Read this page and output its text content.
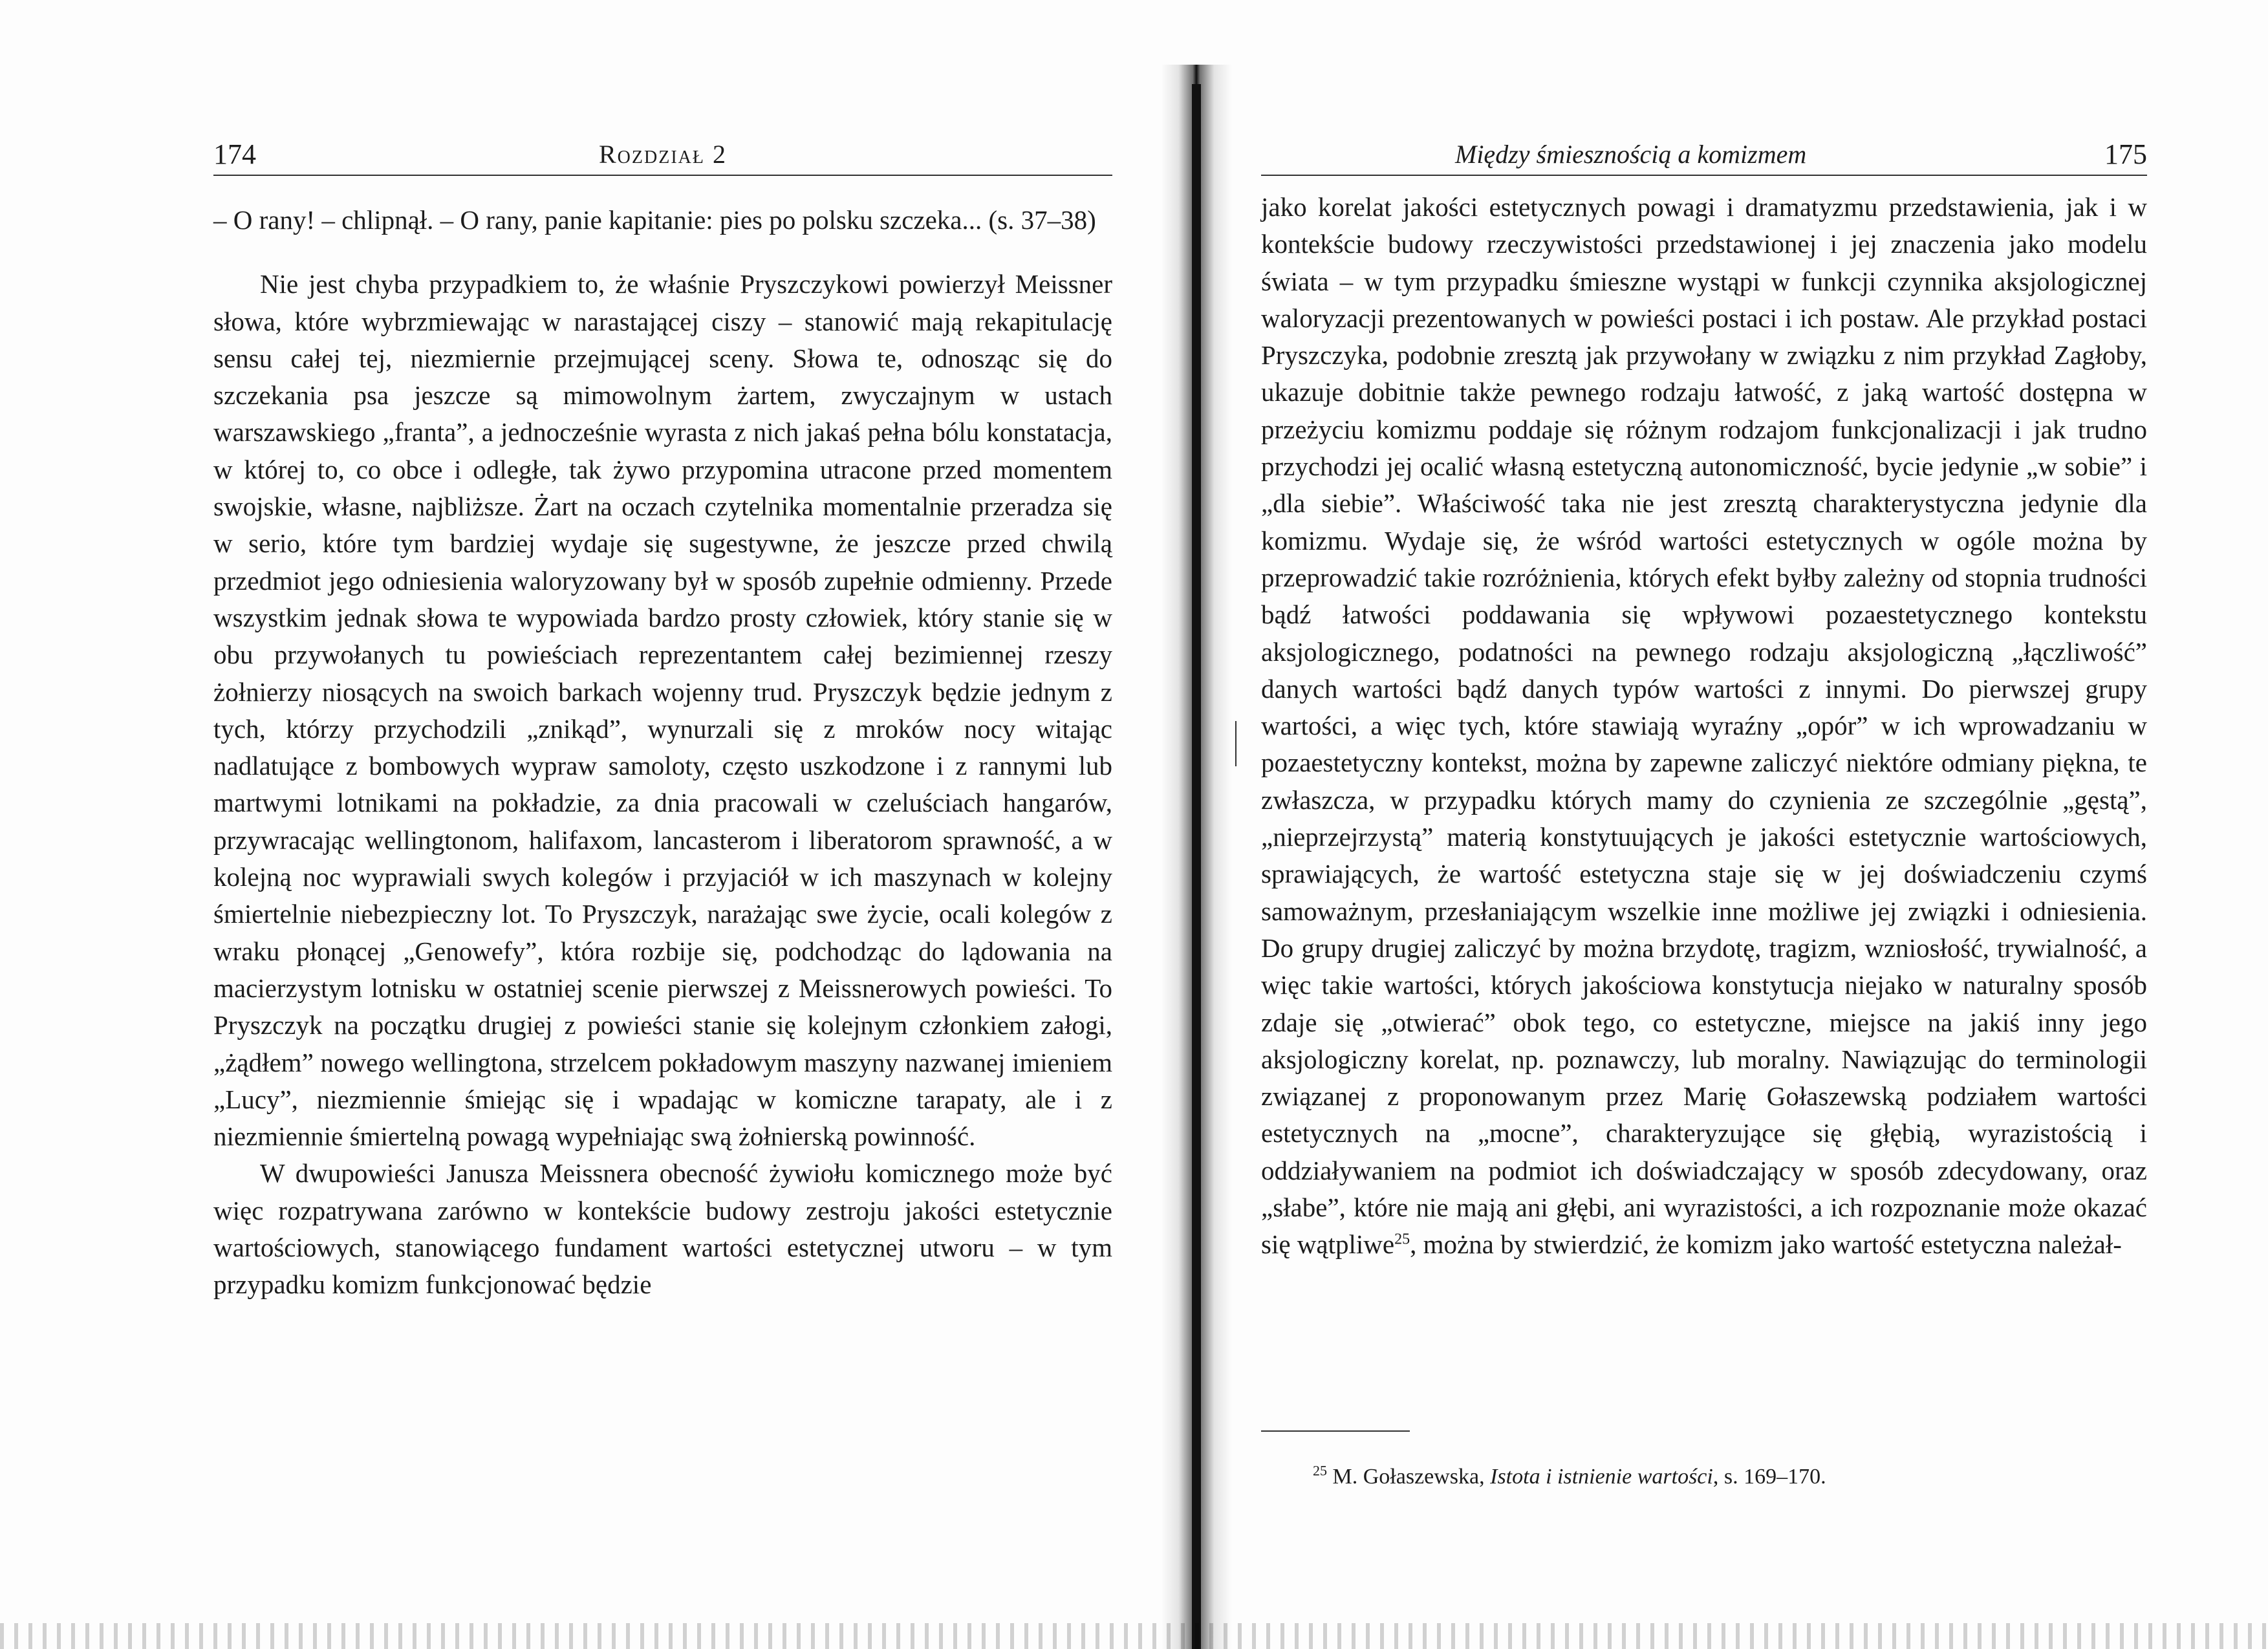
174	Rozdział 2

– O rany! – chlipnął. – O rany, panie kapitanie: pies po polsku szczeka... (s. 37–38)

Nie jest chyba przypadkiem to, że właśnie Pryszczykowi powierzył Meissner słowa, które wybrzmiewając w narastającej ciszy – stanowić mają rekapitulację sensu całej tej, niezmiernie przejmującej sceny. Słowa te, odnosząc się do szczekania psa jeszcze są mimowolnym żartem, zwyczajnym w ustach warszawskiego „franta”, a jednocześnie wyrasta z nich jakaś pełna bólu konstatacja, w której to, co obce i odległe, tak żywo przypomina utracone przed momentem swojskie, własne, najbliższe. Żart na oczach czytelnika momentalnie przeradza się w serio, które tym bardziej wydaje się sugestywne, że jeszcze przed chwilą przedmiot jego odniesienia waloryzowany był w sposób zupełnie odmienny. Przede wszystkim jednak słowa te wypowiada bardzo prosty człowiek, który stanie się w obu przywołanych tu powieściach reprezentantem całej bezimiennej rzeszy żołnierzy niosących na swoich barkach wojenny trud. Pryszczyk będzie jednym z tych, którzy przychodzili „znikąd”, wynurzali się z mroków nocy witając nadlatujące z bombowych wypraw samoloty, często uszkodzone i z rannymi lub martwymi lotnikami na pokładzie, za dnia pracowali w czeluściach hangarów, przywracając wellingtonom, halifaxom, lancasterom i liberatorom sprawność, a w kolejną noc wyprawiali swych kolegów i przyjaciół w ich maszynach w kolejny śmiertelnie niebezpieczny lot. To Pryszczyk, narażając swe życie, ocali kolegów z wraku płonącej „Genowefy”, która rozbije się, podchodząc do lądowania na macierzystym lotnisku w ostatniej scenie pierwszej z Meissnerowych powieści. To Pryszczyk na początku drugiej z powieści stanie się kolejnym członkiem załogi, „żądłem” nowego wellingtona, strzelcem pokładowym maszyny nazwanej imieniem „Lucy”, niezmiennie śmiejąc się i wpadając w komiczne tarapaty, ale i z niezmiennie śmiertelną powagą wypełniając swą żołnierską powinność.

W dwupowieści Janusza Meissnera obecność żywiołu komicznego może być więc rozpatrywana zarówno w kontekście budowy zestroju jakości estetycznie wartościowych, stanowiącego fundament wartości estetycznej utworu – w tym przypadku komizm funkcjonować będzie

Między śmiesznością a komizmem	175

jako korelat jakości estetycznych powagi i dramatyzmu przedstawienia, jak i w kontekście budowy rzeczywistości przedstawionej i jej znaczenia jako modelu świata – w tym przypadku śmieszne wystąpi w funkcji czynnika aksjologicznej waloryzacji prezentowanych w powieści postaci i ich postaw. Ale przykład postaci Pryszczyka, podobnie zresztą jak przywołany w związku z nim przykład Zagłoby, ukazuje dobitnie także pewnego rodzaju łatwość, z jaką wartość dostępna w przeżyciu komizmu poddaje się różnym rodzajom funkcjonalizacji i jak trudno przychodzi jej ocalić własną estetyczną autonomiczność, bycie jedynie „w sobie” i „dla siebie”. Właściwość taka nie jest zresztą charakterystyczna jedynie dla komizmu. Wydaje się, że wśród wartości estetycznych w ogóle można by przeprowadzić takie rozróżnienia, których efekt byłby zależny od stopnia trudności bądź łatwości poddawania się wpływowi pozaestetycznego kontekstu aksjologicznego, podatności na pewnego rodzaju aksjologiczną „łączliwość” danych wartości bądź danych typów wartości z innymi. Do pierwszej grupy wartości, a więc tych, które stawiają wyraźny „opór” w ich wprowadzaniu w pozaestetyczny kontekst, można by zapewne zaliczyć niektóre odmiany piękna, te zwłaszcza, w przypadku których mamy do czynienia ze szczególnie „gęstą”, „nieprzejrzystą” materią konstytuujących je jakości estetycznie wartościowych, sprawiających, że wartość estetyczna staje się w jej doświadczeniu czymś samoważnym, przesłaniającym wszelkie inne możliwe jej związki i odniesienia. Do grupy drugiej zaliczyć by można brzydotę, tragizm, wzniosłość, trywialność, a więc takie wartości, których jakościowa konstytucja niejako w naturalny sposób zdaje się „otwierać” obok tego, co estetyczne, miejsce na jakiś inny jego aksjologiczny korelat, np. poznawczy, lub moralny. Nawiązując do terminologii związanej z proponowanym przez Marię Gołaszewską podziałem wartości estetycznych na „mocne”, charakteryzujące się głębią, wyrazistością i oddziaływaniem na podmiot ich doświadczający w sposób zdecydowany, oraz „słabe”, które nie mają ani głębi, ani wyrazistości, a ich rozpoznanie może okazać się wątpliwe$^{25}$, można by stwierdzić, że komizm jako wartość estetyczna należał-

$^{25}$ M. Gołaszewska, Istota i istnienie wartości, s. 169–170.
